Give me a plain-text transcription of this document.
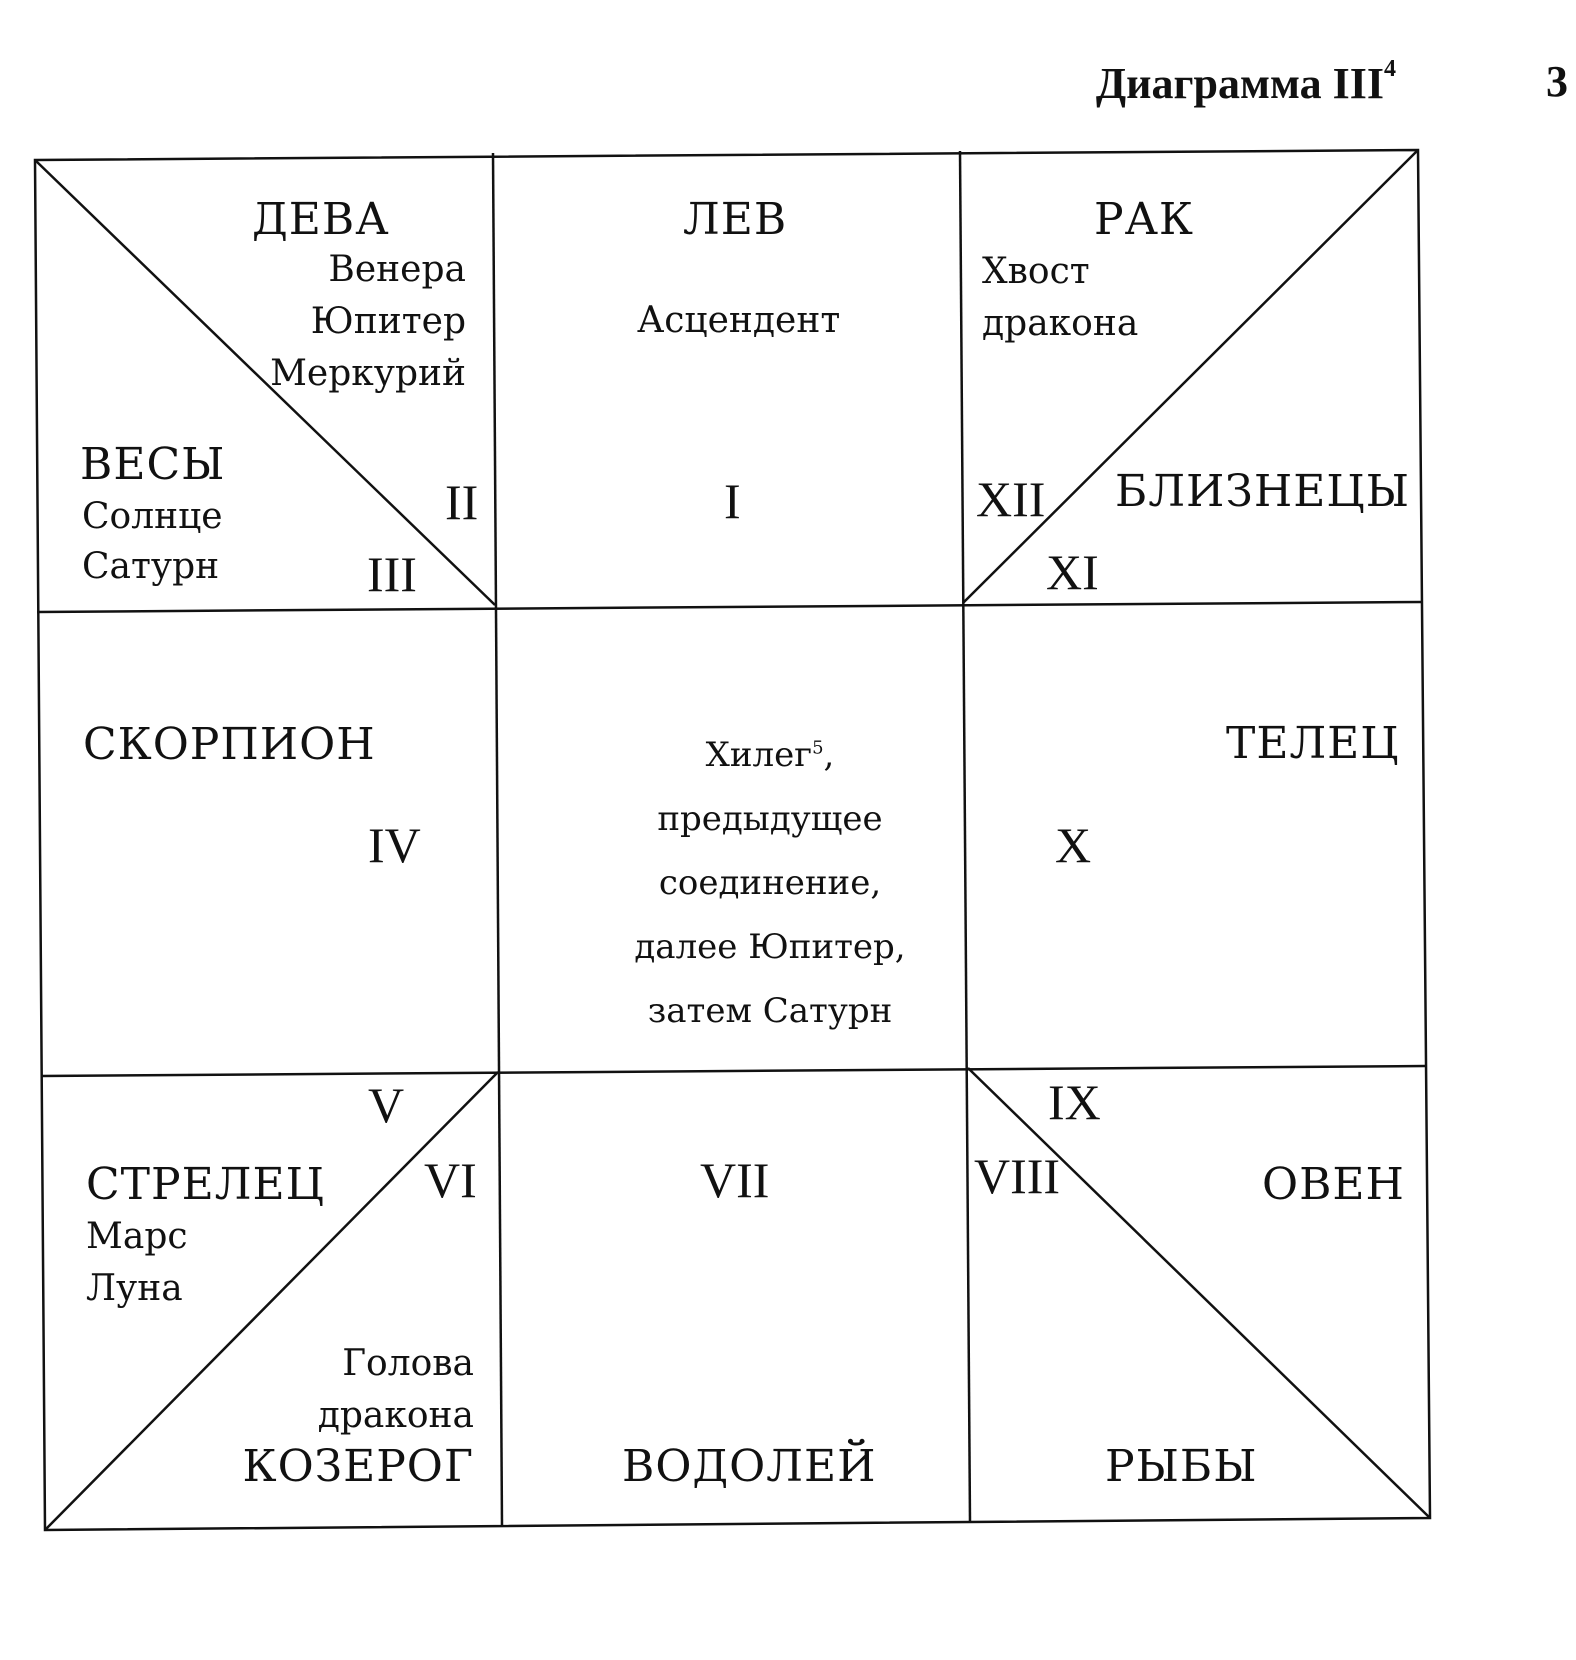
Диаграмма III$^4$	3
ДЕВА
Венера
Юпитер
Меркурий
ВЕСЫ
Солнце
Сатурн
II
III
ЛЕВ
Асцендент
I
РАК
Хвост
дракона
БЛИЗНЕЦЫ
XII
XI
СКОРПИОН
IV
Хилег$^5$,
предыдущее
соединение,
далее Юпитер,
затем Сатурн
ТЕЛЕЦ
X
V
VI
СТРЕЛЕЦ
Марс
Луна
Голова
дракона
КОЗЕРОГ
VII
ВОДОЛЕЙ
IX
VIII	ОВЕН
РЫБЫ
